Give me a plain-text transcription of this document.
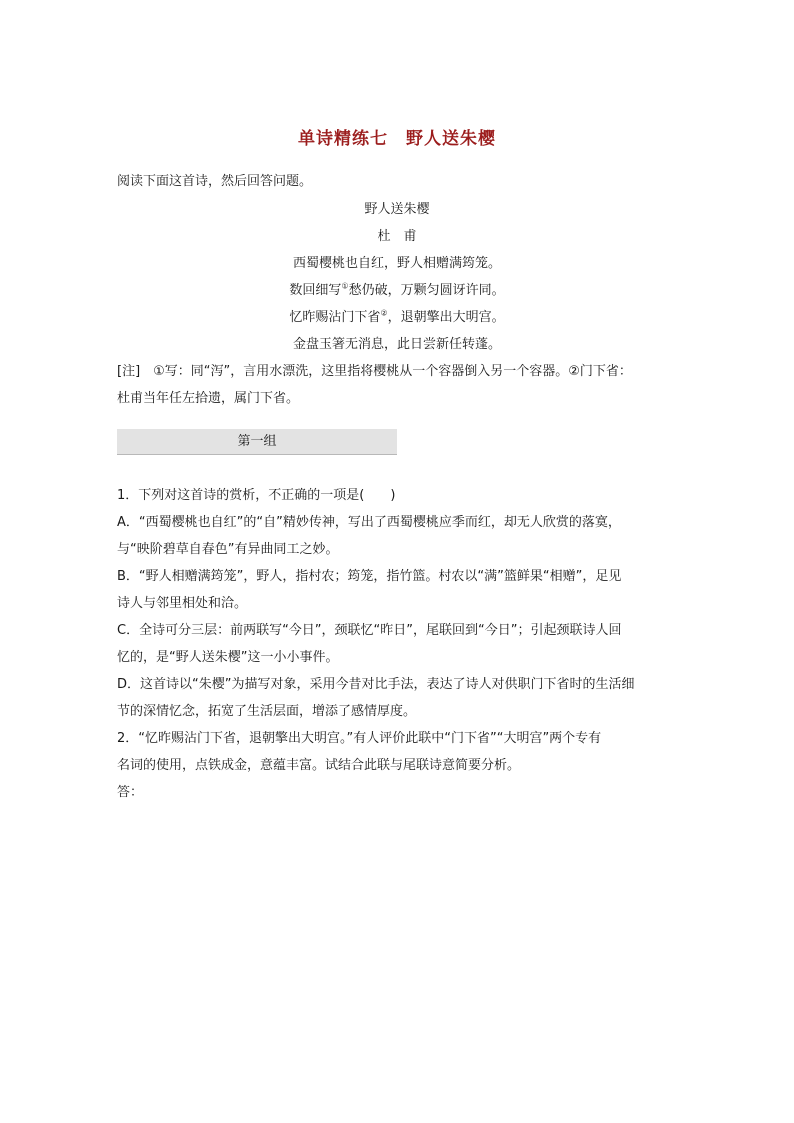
单诗精练七　野人送朱樱
阅读下面这首诗，然后回答问题。
野人送朱樱
杜　甫
西蜀樱桃也自红，野人相赠满筠笼。
数回细写①愁仍破，万颗匀圆讶许同。
忆昨赐沾门下省②，退朝擎出大明宫。
金盘玉箸无消息，此日尝新任转蓬。
[注]　①写：同“泻”，言用水漂洗，这里指将樱桃从一个容器倒入另一个容器。②门下省：
杜甫当年任左拾遗，属门下省。
第一组
1．下列对这首诗的赏析，不正确的一项是(　　)
A．“西蜀樱桃也自红”的“自”精妙传神，写出了西蜀樱桃应季而红，却无人欣赏的落寞，
与“映阶碧草自春色”有异曲同工之妙。
B．“野人相赠满筠笼”，野人，指村农；筠笼，指竹篮。村农以“满”篮鲜果“相赠”，足见
诗人与邻里相处和洽。
C．全诗可分三层：前两联写“今日”，颈联忆“昨日”，尾联回到“今日”；引起颈联诗人回
忆的，是“野人送朱樱”这一小小事件。
D．这首诗以“朱樱”为描写对象，采用今昔对比手法，表达了诗人对供职门下省时的生活细
节的深情忆念，拓宽了生活层面，增添了感情厚度。
2．“忆昨赐沾门下省，退朝擎出大明宫。”有人评价此联中“门下省”“大明宫”两个专有
名词的使用，点铁成金，意蕴丰富。试结合此联与尾联诗意简要分析。
答：
